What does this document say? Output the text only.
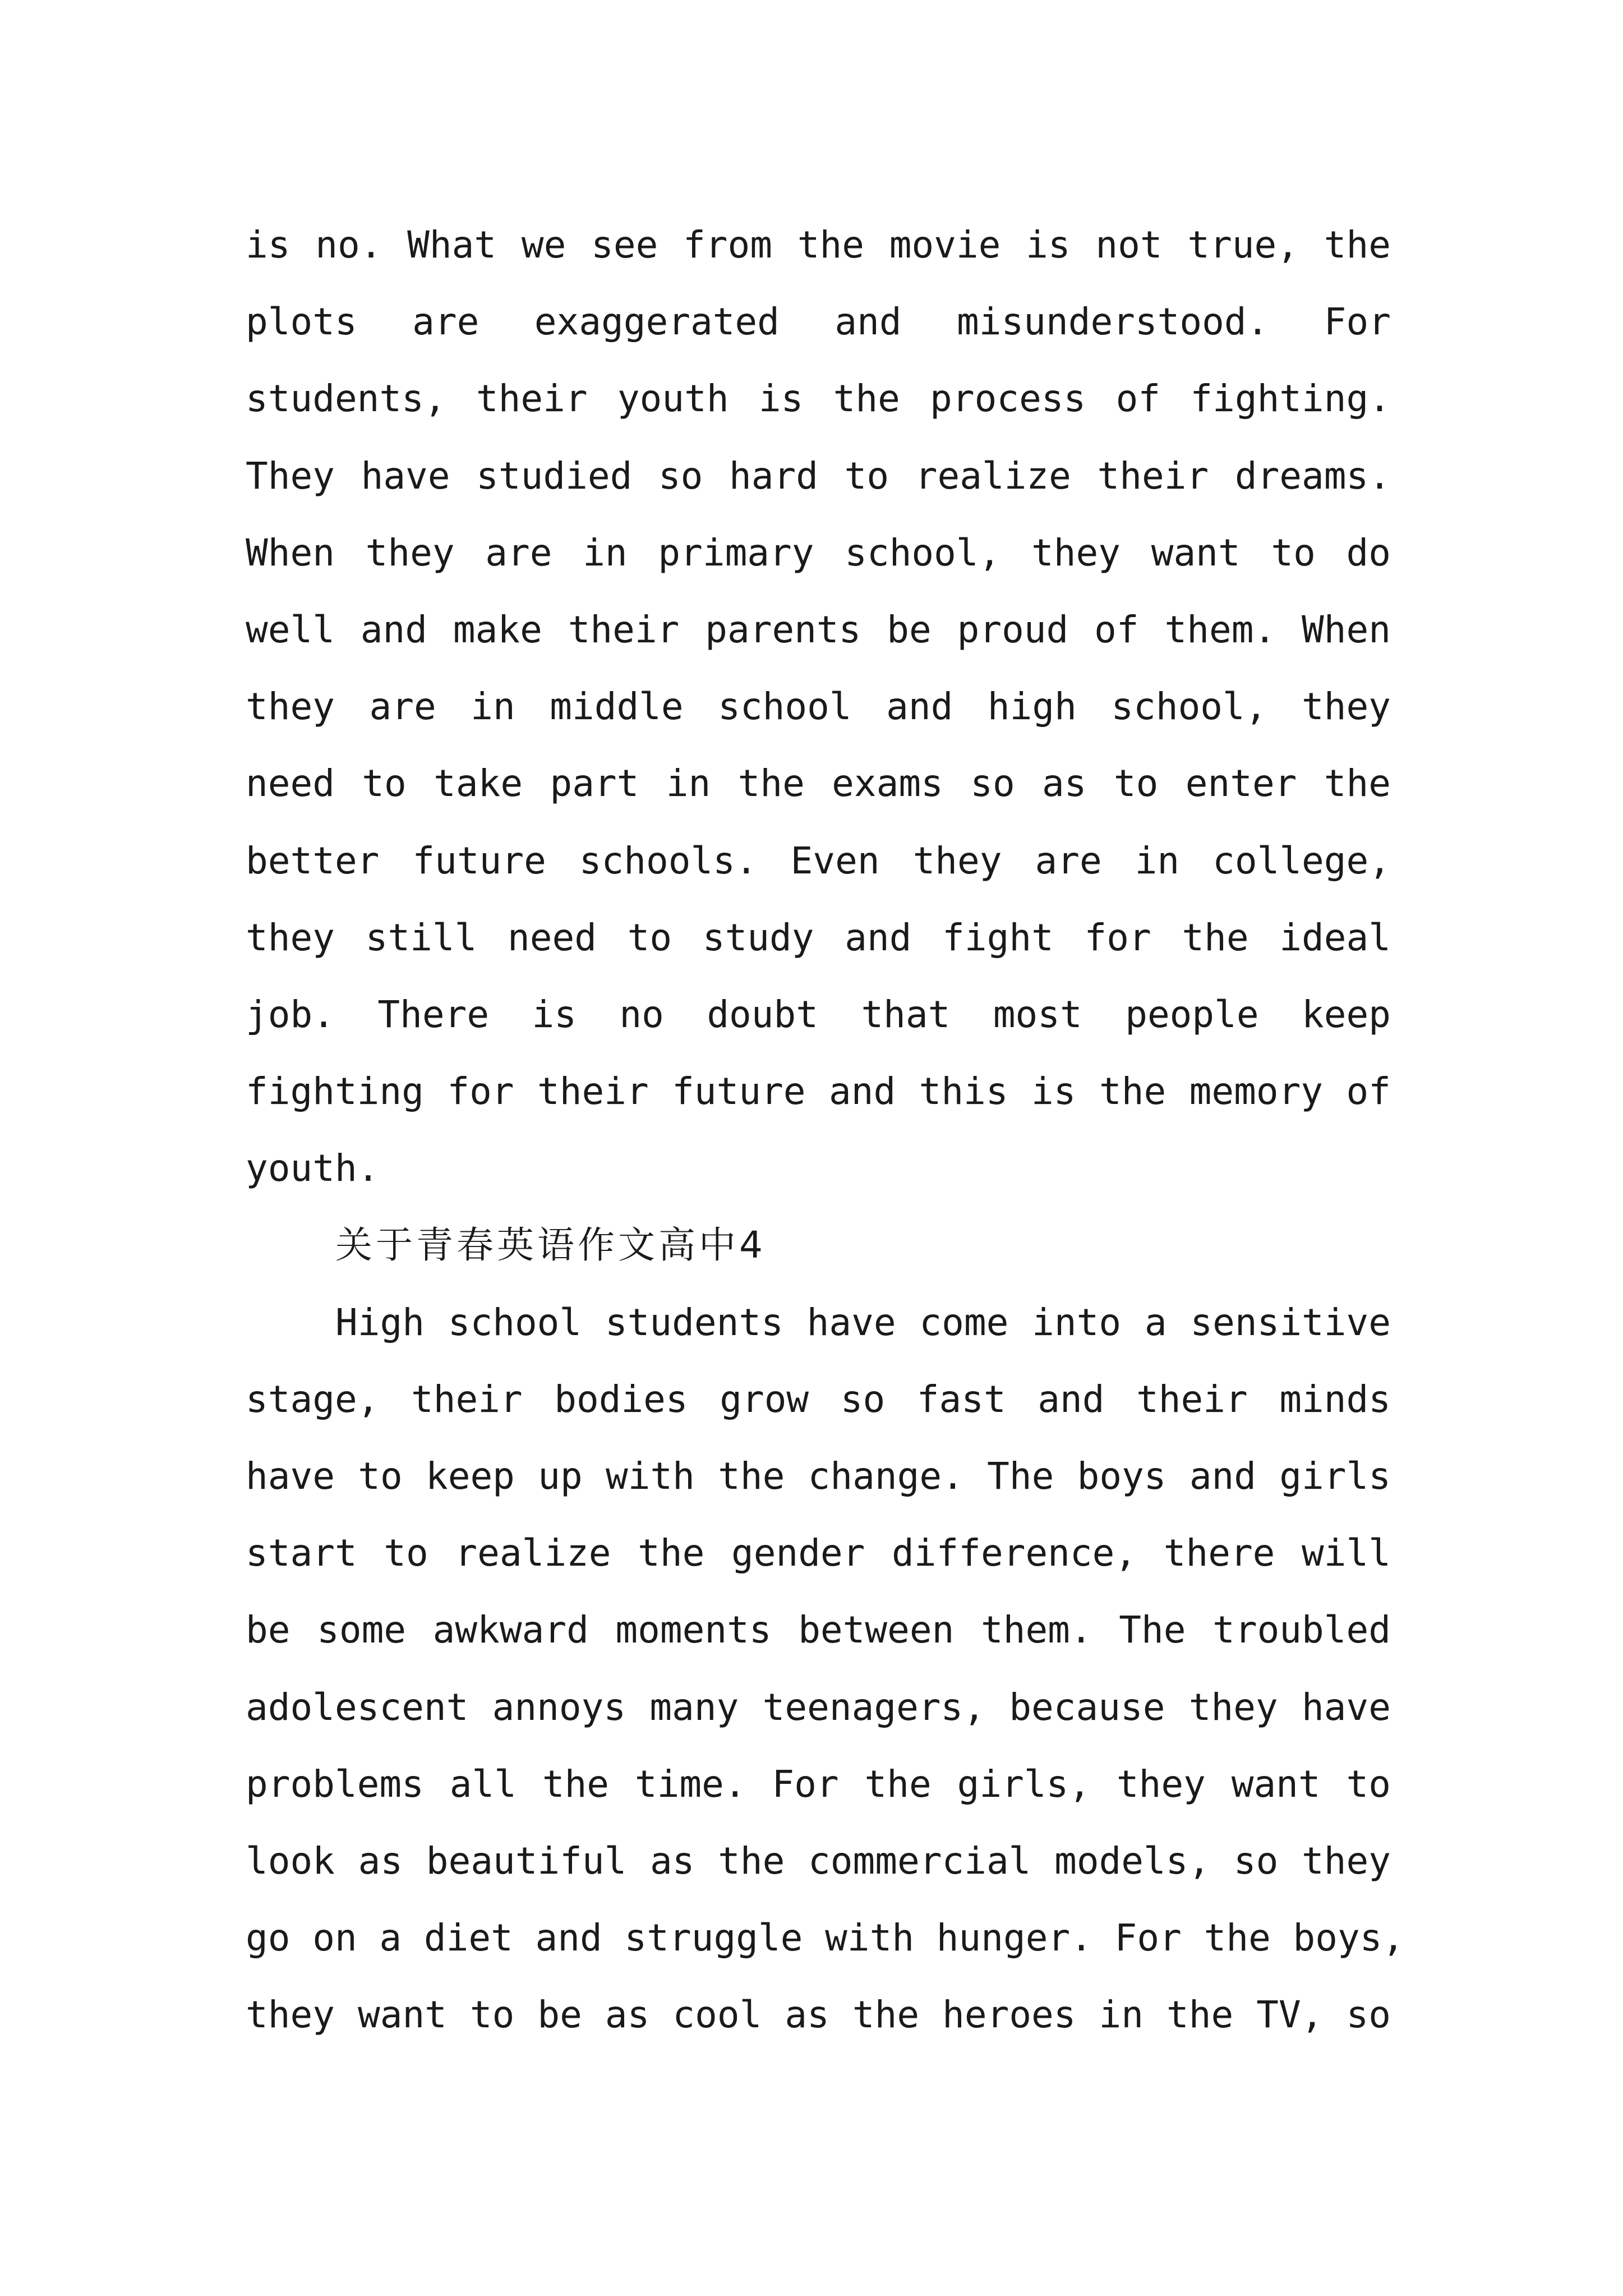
is no. What we see from the movie is not true, the
plots are exaggerated and misunderstood. For
students, their youth is the process of fighting.
They have studied so hard to realize their dreams.
When they are in primary school, they want to do
well and make their parents be proud of them. When
they are in middle school and high school, they
need to take part in the exams so as to enter the
better future schools. Even they are in college,
they still need to study and fight for the ideal
job. There is no doubt that most people keep
fighting for their future and this is the memory of
youth.
关于青春英语作文高中4
High school students have come into a sensitive
stage, their bodies grow so fast and their minds
have to keep up with the change. The boys and girls
start to realize the gender difference, there will
be some awkward moments between them. The troubled
adolescent annoys many teenagers, because they have
problems all the time. For the girls, they want to
look as beautiful as the commercial models, so they
go on a diet and struggle with hunger. For the boys,
they want to be as cool as the heroes in the TV, so
